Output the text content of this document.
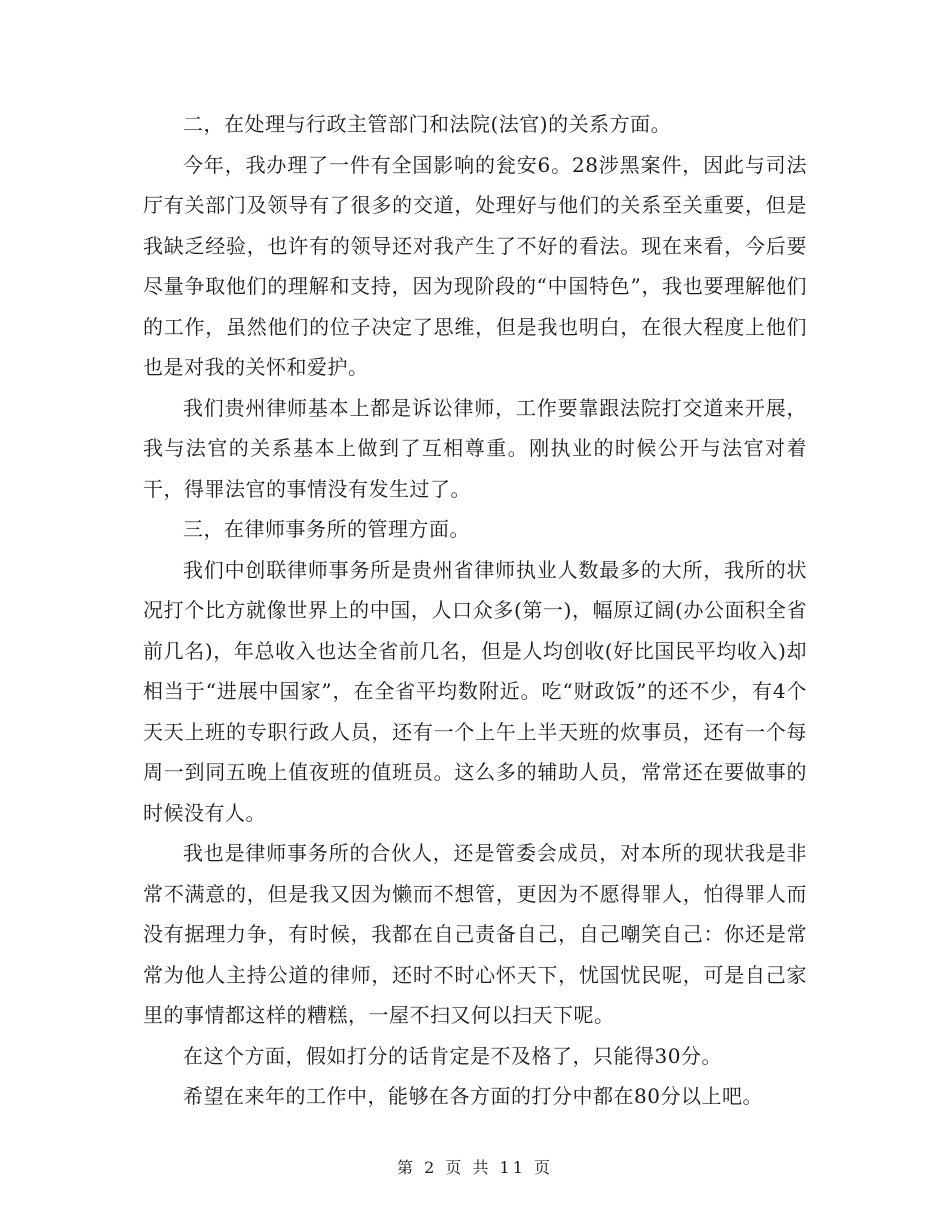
二，在处理与行政主管部门和法院(法官)的关系方面。

今年，我办理了一件有全国影响的瓮安6。28涉黑案件，因此与司法厅有关部门及领导有了很多的交道，处理好与他们的关系至关重要，但是我缺乏经验，也许有的领导还对我产生了不好的看法。现在来看，今后要尽量争取他们的理解和支持，因为现阶段的“中国特色”，我也要理解他们的工作，虽然他们的位子决定了思维，但是我也明白，在很大程度上他们也是对我的关怀和爱护。

我们贵州律师基本上都是诉讼律师，工作要靠跟法院打交道来开展，我与法官的关系基本上做到了互相尊重。刚执业的时候公开与法官对着干，得罪法官的事情没有发生过了。

三，在律师事务所的管理方面。

我们中创联律师事务所是贵州省律师执业人数最多的大所，我所的状况打个比方就像世界上的中国，人口众多(第一)，幅原辽阔(办公面积全省前几名)，年总收入也达全省前几名，但是人均创收(好比国民平均收入)却相当于“进展中国家”，在全省平均数附近。吃“财政饭”的还不少，有4个天天上班的专职行政人员，还有一个上午上半天班的炊事员，还有一个每周一到同五晚上值夜班的值班员。这么多的辅助人员，常常还在要做事的时候没有人。

我也是律师事务所的合伙人，还是管委会成员，对本所的现状我是非常不满意的，但是我又因为懒而不想管，更因为不愿得罪人，怕得罪人而没有据理力争，有时候，我都在自己责备自己，自己嘲笑自己：你还是常常为他人主持公道的律师，还时不时心怀天下，忧国忧民呢，可是自己家里的事情都这样的糟糕，一屋不扫又何以扫天下呢。

在这个方面，假如打分的话肯定是不及格了，只能得30分。

希望在来年的工作中，能够在各方面的打分中都在80分以上吧。

第 2 页 共 11 页
